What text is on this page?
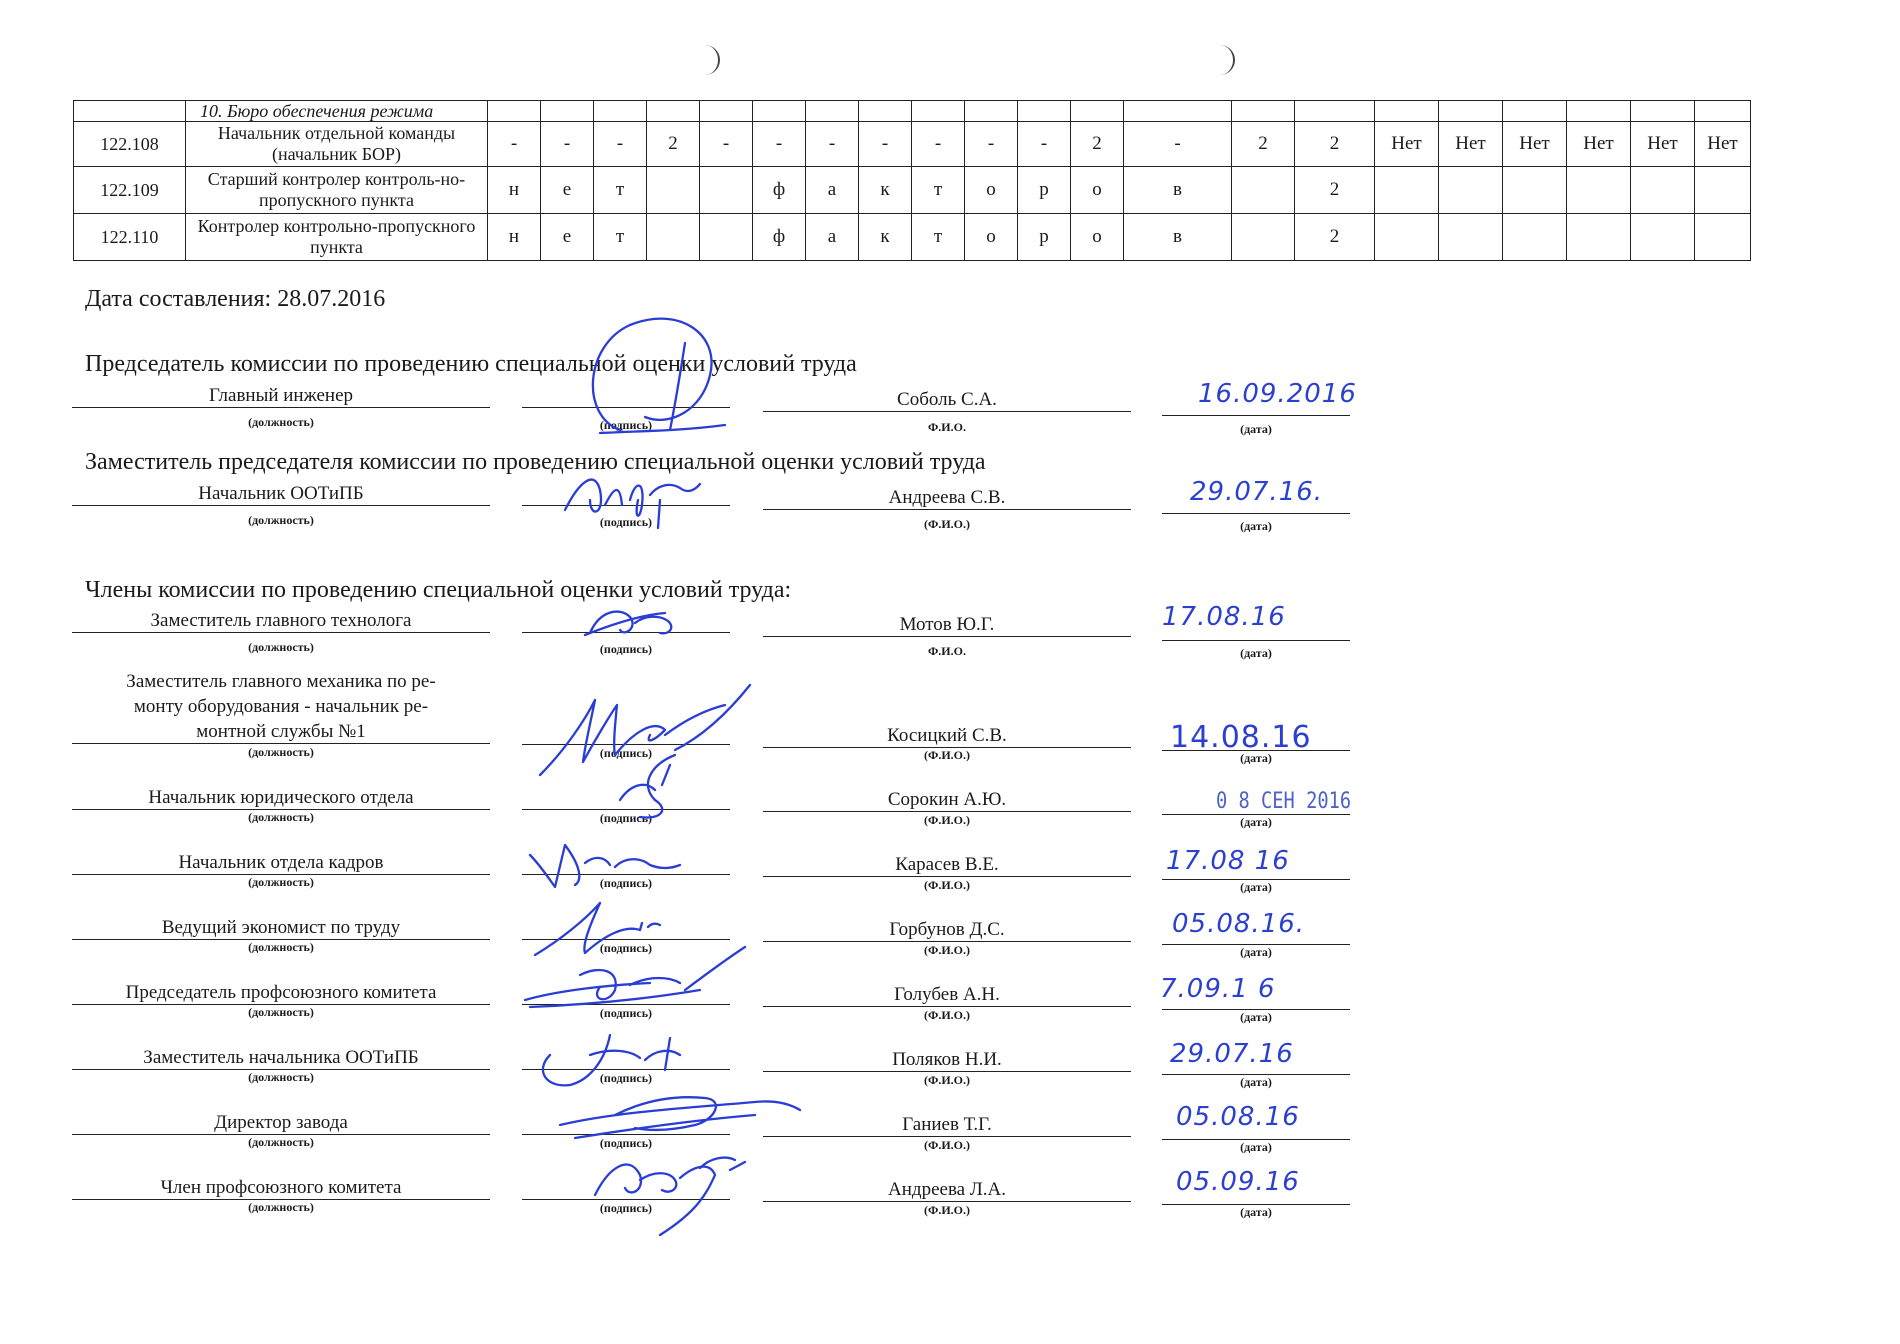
	10. Бюро обеспечения режима																					
122.108	Начальник отдельной команды (начальник БОР)	-	-	-	2	-	-	-	-	-	-	-	2	-	2	2	Нет	Нет	Нет	Нет	Нет	Нет
122.109	Старший контролер контроль-но-пропускного пункта	н	е	т			ф	а	к	т	о	р	о	в		2						
122.110	Контролер контрольно-пропускного пункта	н	е	т			ф	а	к	т	о	р	о	в		2						
Дата составления: 28.07.2016
Председатель комиссии по проведению специальной оценки условий труда
Главный инженер
(должность)	(подпись)
Соболь С.А.
Ф.И.О.
16.09.2016
(дата)
Заместитель председателя комиссии по проведению специальной оценки условий труда
Начальник ООТиПБ
(должность)	(подпись)
Андреева С.В.
(Ф.И.О.)
29.07.16.
(дата)
Члены комиссии по проведению специальной оценки условий труда:
Заместитель главного технолога
(должность)	(подпись)
Мотов Ю.Г.
Ф.И.О.
17.08.16
(дата)
Заместитель главного механика по ре-монту оборудования - начальник ре-монтной службы №1
(должность)	(подпись)
Косицкий С.В.
(Ф.И.О.)	14.08.16
(дата)
Начальник юридического отдела
(должность)	(подпись)
Сорокин А.Ю.
(Ф.И.О.)
0 8 СЕН 2016
(дата)
Начальник отдела кадров
(должность)	(подпись)
Карасев В.Е.
(Ф.И.О.)
17.08 16
(дата)
Ведущий экономист по труду
(должность)	(подпись)
Горбунов Д.С.
(Ф.И.О.)
05.08.16.
(дата)
Председатель профсоюзного комитета
(должность)	(подпись)
Голубев А.Н.
(Ф.И.О.)
7.09.1 6
(дата)
Заместитель начальника ООТиПБ
(должность)	(подпись)
Поляков Н.И.
(Ф.И.О.)
29.07.16
(дата)
Директор завода
(должность)	(подпись)
Ганиев Т.Г.
(Ф.И.О.)
05.08.16
(дата)
Член профсоюзного комитета
(должность)	(подпись)
Андреева Л.А.
(Ф.И.О.)
05.09.16
(дата)
